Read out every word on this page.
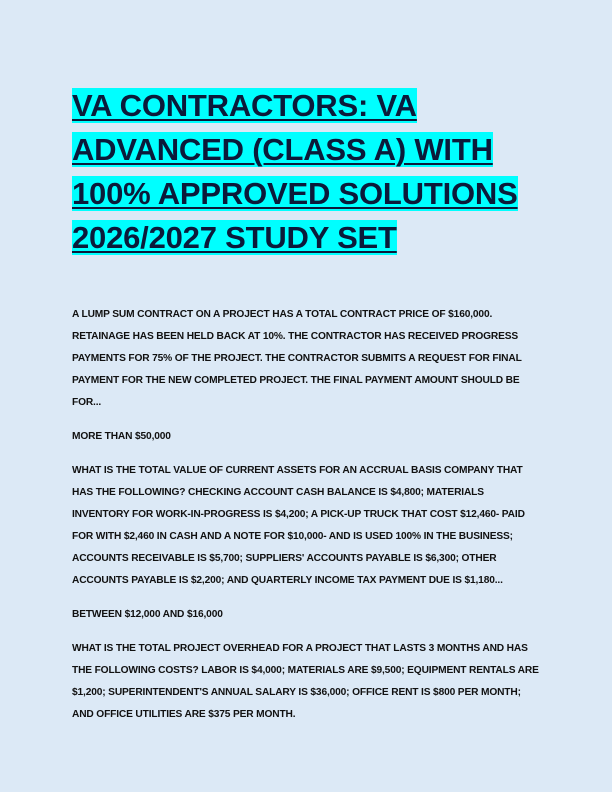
VA CONTRACTORS: VA ADVANCED (CLASS A) WITH 100% APPROVED SOLUTIONS 2026/2027 STUDY SET

A LUMP SUM CONTRACT ON A PROJECT HAS A TOTAL CONTRACT PRICE OF $160,000. RETAINAGE HAS BEEN HELD BACK AT 10%. THE CONTRACTOR HAS RECEIVED PROGRESS PAYMENTS FOR 75% OF THE PROJECT. THE CONTRACTOR SUBMITS A REQUEST FOR FINAL PAYMENT FOR THE NEW COMPLETED PROJECT. THE FINAL PAYMENT AMOUNT SHOULD BE FOR...

MORE THAN $50,000

WHAT IS THE TOTAL VALUE OF CURRENT ASSETS FOR AN ACCRUAL BASIS COMPANY THAT HAS THE FOLLOWING? CHECKING ACCOUNT CASH BALANCE IS $4,800; MATERIALS INVENTORY FOR WORK-IN-PROGRESS IS $4,200; A PICK-UP TRUCK THAT COST $12,460- PAID FOR WITH $2,460 IN CASH AND A NOTE FOR $10,000- AND IS USED 100% IN THE BUSINESS; ACCOUNTS RECEIVABLE IS $5,700; SUPPLIERS' ACCOUNTS PAYABLE IS $6,300; OTHER ACCOUNTS PAYABLE IS $2,200; AND QUARTERLY INCOME TAX PAYMENT DUE IS $1,180...

BETWEEN $12,000 AND $16,000

WHAT IS THE TOTAL PROJECT OVERHEAD FOR A PROJECT THAT LASTS 3 MONTHS AND HAS THE FOLLOWING COSTS? LABOR IS $4,000; MATERIALS ARE $9,500; EQUIPMENT RENTALS ARE $1,200; SUPERINTENDENT'S ANNUAL SALARY IS $36,000; OFFICE RENT IS $800 PER MONTH; AND OFFICE UTILITIES ARE $375 PER MONTH.
